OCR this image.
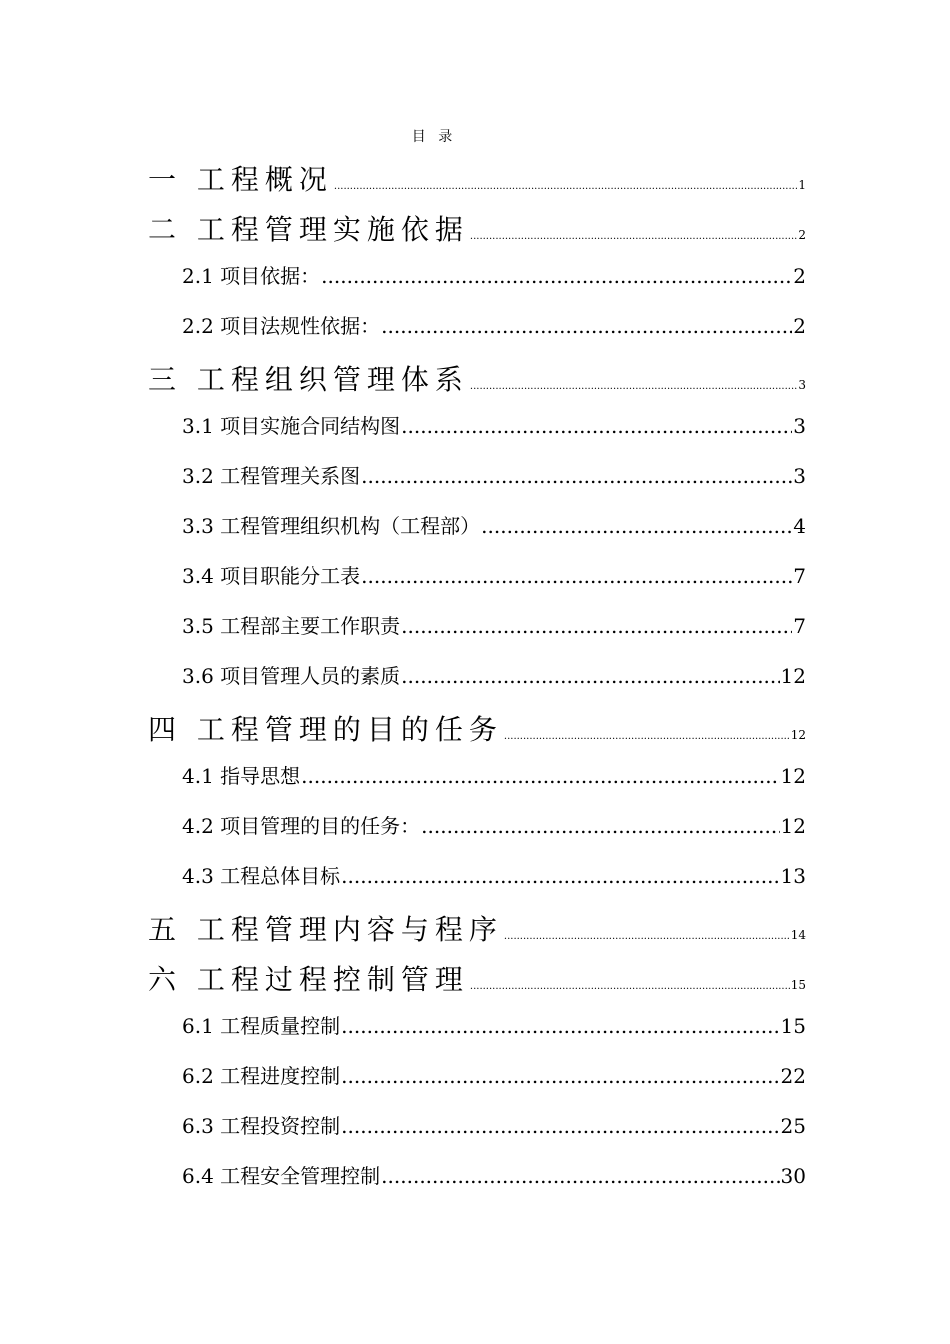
目 录
一 工程概况 .....	1
二 工程管理实施依据 .....	2
2.1 项目依据： .....	2
2.2 项目法规性依据： .....	2
三 工程组织管理体系 .....	3
3.1 项目实施合同结构图 .....	3
3.2 工程管理关系图 .....	3
3.3 工程管理组织机构（工程部） .....	4
3.4 项目职能分工表 .....	7
3.5 工程部主要工作职责 .....	7
3.6 项目管理人员的素质 .....	12
四 工程管理的目的任务 .....	12
4.1 指导思想 .....	12
4.2 项目管理的目的任务： .....	12
4.3 工程总体目标 .....	13
五 工程管理内容与程序 .....	14
六 工程过程控制管理 .....	15
6.1 工程质量控制 .....	15
6.2 工程进度控制 .....	22
6.3 工程投资控制 .....	25
6.4 工程安全管理控制 .....	30
